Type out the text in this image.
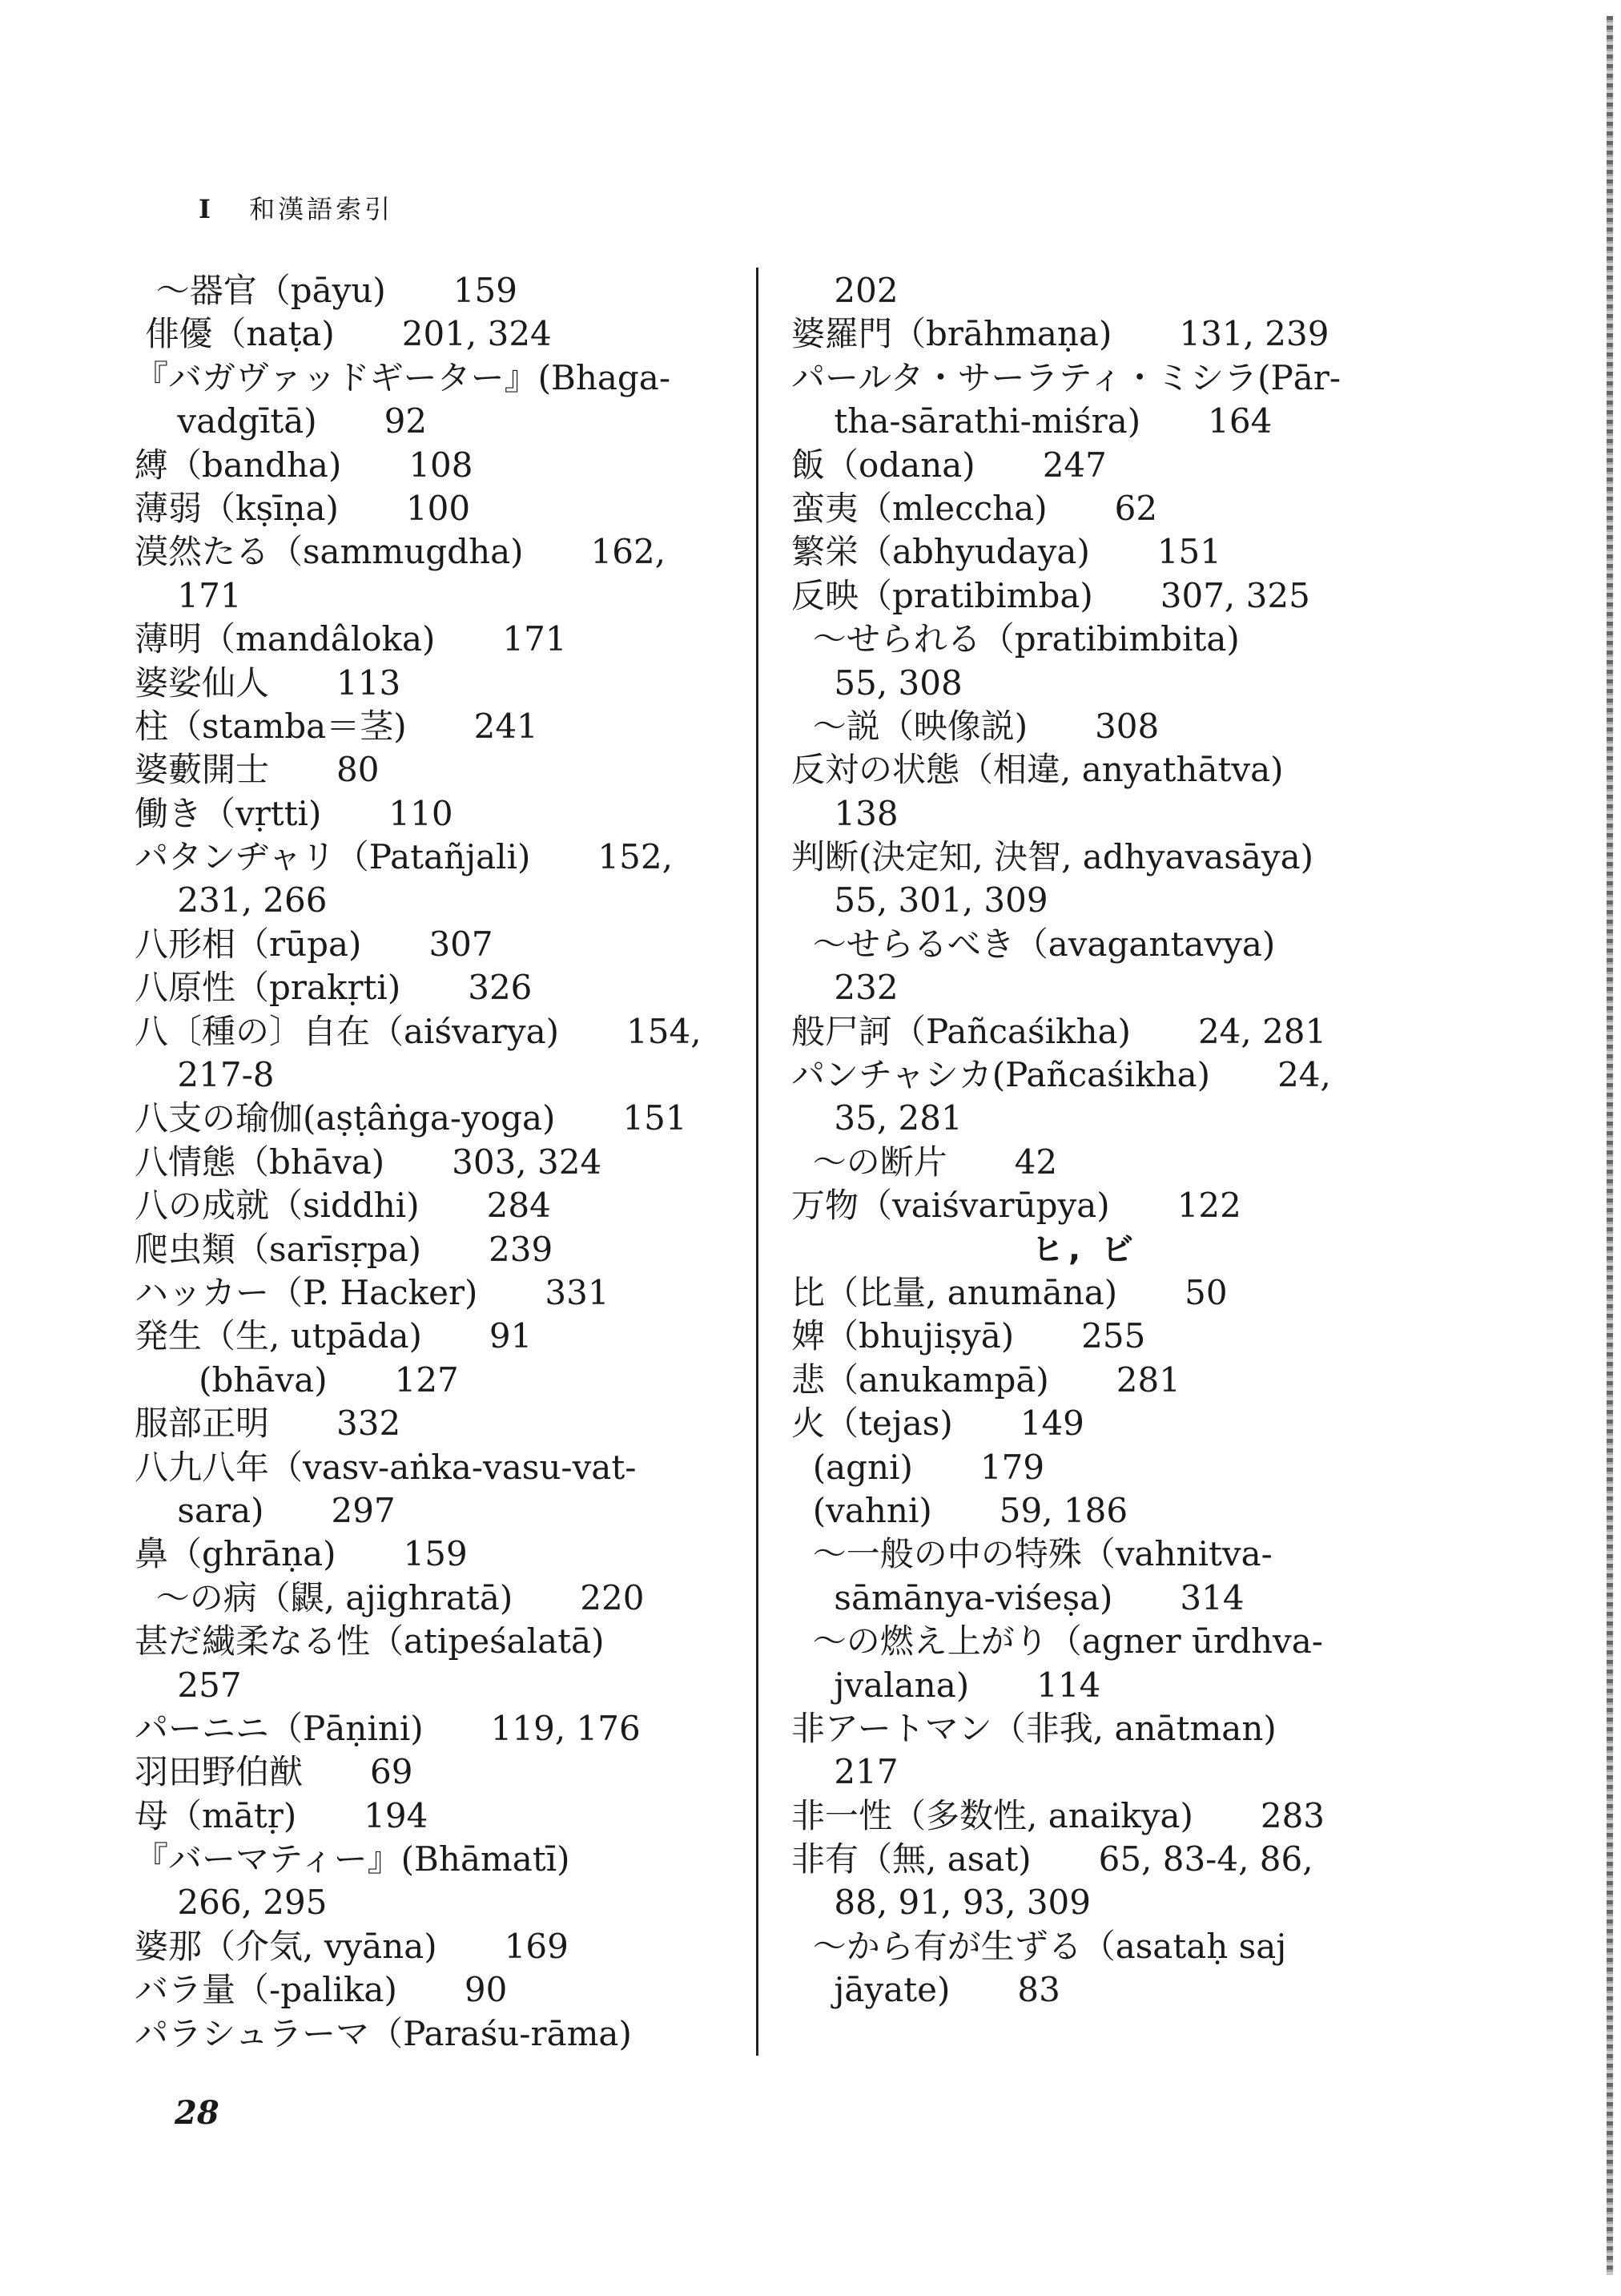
I 和漢語索引
～器官（pāyu)　　159
俳優（naṭa)　　201, 324
『バガヴァッドギーター』(Bhaga-
vadgītā)　　92
縛（bandha)　　108
薄弱（kṣīṇa)　　100
漠然たる（sammugdha)　　162,
171
薄明（mandâloka)　　171
婆娑仙人　　113
柱（stamba＝茎)　　241
婆藪開士　　80
働き（vṛtti)　　110
パタンヂャリ（Patañjali)　　152,
231, 266
八形相（rūpa)　　307
八原性（prakṛti)　　326
八〔種の〕自在（aiśvarya)　　154,
217-8
八支の瑜伽(aṣṭâṅga-yoga)　　151
八情態（bhāva)　　303, 324
八の成就（siddhi)　　284
爬虫類（sarīsṛpa)　　239
ハッカー（P. Hacker)　　331
発生（生, utpāda)　　91
(bhāva)　　127
服部正明　　332
八九八年（vasv-aṅka-vasu-vat-
sara)　　297
鼻（ghrāṇa)　　159
～の病（鼳, ajighratā)　　220
甚だ繊柔なる性（atipeśalatā)
257
パーニニ（Pāṇini)　　119, 176
羽田野伯猷　　69
母（mātṛ)　　194
『バーマティー』(Bhāmatī)
266, 295
婆那（介気, vyāna)　　169
バラ量（-palika)　　90
パラシュラーマ（Paraśu-rāma)
202
婆羅門（brāhmaṇa)　　131, 239
パールタ・サーラティ・ミシラ(Pār-
tha-sārathi-miśra)　　164
飯（odana)　　247
蛮夷（mleccha)　　62
繁栄（abhyudaya)　　151
反映（pratibimba)　　307, 325
～せられる（pratibimbita)
55, 308
～説（映像説)　　308
反対の状態（相違, anyathātva)
138
判断(決定知, 決智, adhyavasāya)
55, 301, 309
～せらるべき（avagantavya)
232
般尸訶（Pañcaśikha)　　24, 281
パンチャシカ(Pañcaśikha)　　24,
35, 281
～の断片　　42
万物（vaiśvarūpya)　　122
ヒ, ビ
比（比量, anumāna)　　50
婢（bhujiṣyā)　　255
悲（anukampā)　　281
火（tejas)　　149
(agni)　　179
(vahni)　　59, 186
～一般の中の特殊（vahnitva-
sāmānya-viśeṣa)　　314
～の燃え上がり（agner ūrdhva-
jvalana)　　114
非アートマン（非我, anātman)
217
非一性（多数性, anaikya)　　283
非有（無, asat)　　65, 83-4, 86,
88, 91, 93, 309
～から有が生ずる（asataḥ saj
jāyate)　　83
28
